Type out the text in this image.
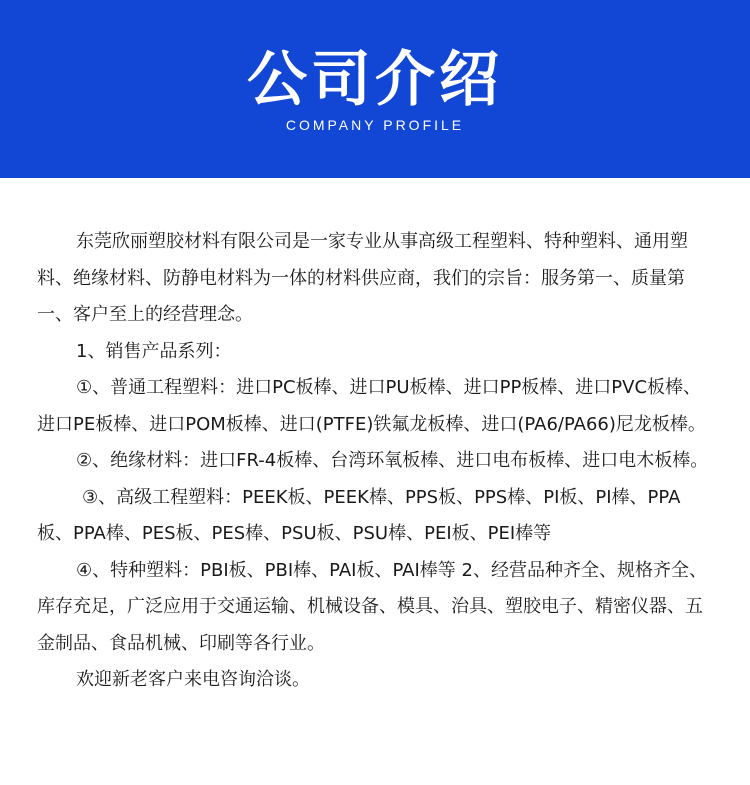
公司介绍
COMPANY PROFILE

东莞欣丽塑胶材料有限公司是一家专业从事高级工程塑料、特种塑料、通用塑料、绝缘材料、防静电材料为一体的材料供应商，我们的宗旨：服务第一、质量第一、客户至上的经营理念。

1、销售产品系列：

①、普通工程塑料：进口PC板棒、进口PU板棒、进口PP板棒、进口PVC板棒、进口PE板棒、进口POM板棒、进口(PTFE)铁氟龙板棒、进口(PA6/PA66)尼龙板棒。

②、绝缘材料：进口FR-4板棒、台湾环氧板棒、进口电布板棒、进口电木板棒。

③、高级工程塑料：PEEK板、PEEK棒、PPS板、PPS棒、PI板、PI棒、PPA板、PPA棒、PES板、PES棒、PSU板、PSU棒、PEI板、PEI棒等

④、特种塑料：PBI板、PBI棒、PAI板、PAI棒等 2、经营品种齐全、规格齐全、库存充足，广泛应用于交通运输、机械设备、模具、治具、塑胶电子、精密仪器、五金制品、食品机械、印刷等各行业。

欢迎新老客户来电咨询洽谈。
